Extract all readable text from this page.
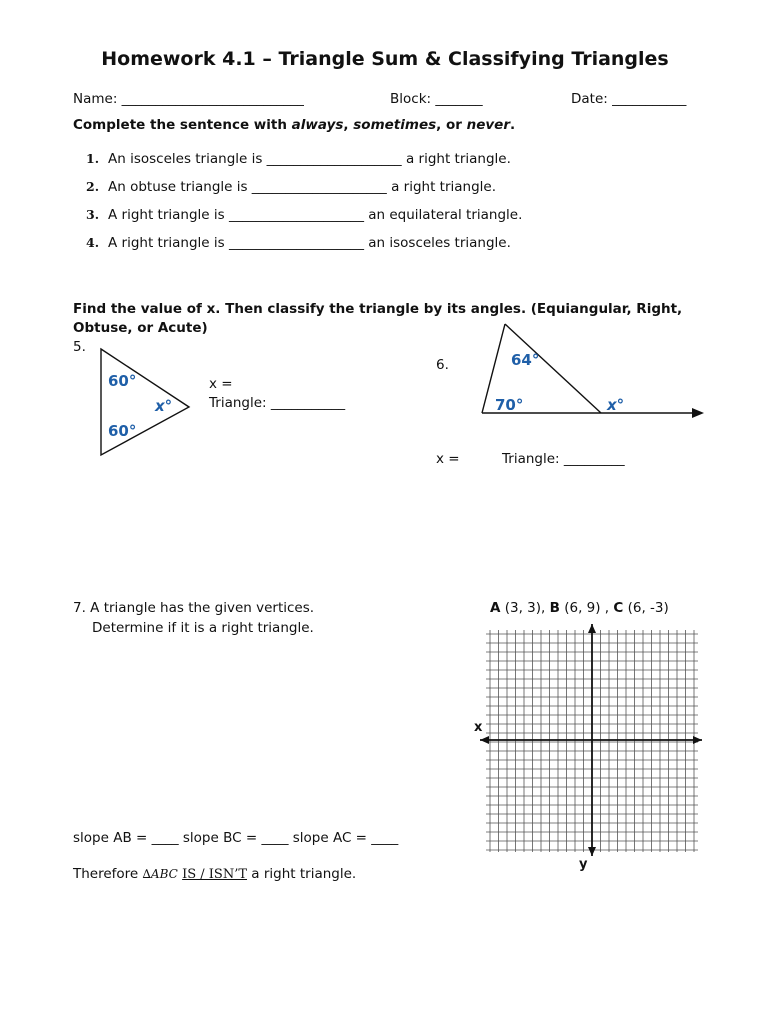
Homework 4.1 – Triangle Sum & Classifying Triangles
Name: ___________________________	Block: _______	Date: ___________
Complete the sentence with always, sometimes, or never.
1. An isosceles triangle is ____________________ a right triangle.
2. An obtuse triangle is ____________________ a right triangle.
3. A right triangle is ____________________ an equilateral triangle.
4. A right triangle is ____________________ an isosceles triangle.
Find the value of x. Then classify the triangle by its angles. (Equiangular, Right,
Obtuse, or Acute)
5.
60°
60°
x°
x =
Triangle: ___________
6.	64°
70°	x°
x =	Triangle: _________
7. A triangle has the given vertices.
Determine if it is a right triangle.
A (3, 3), B (6, 9) , C (6, -3)
x
y
slope AB = ____ slope BC = ____ slope AC = ____
Therefore ∆ABC IS / ISN’T a right triangle.
